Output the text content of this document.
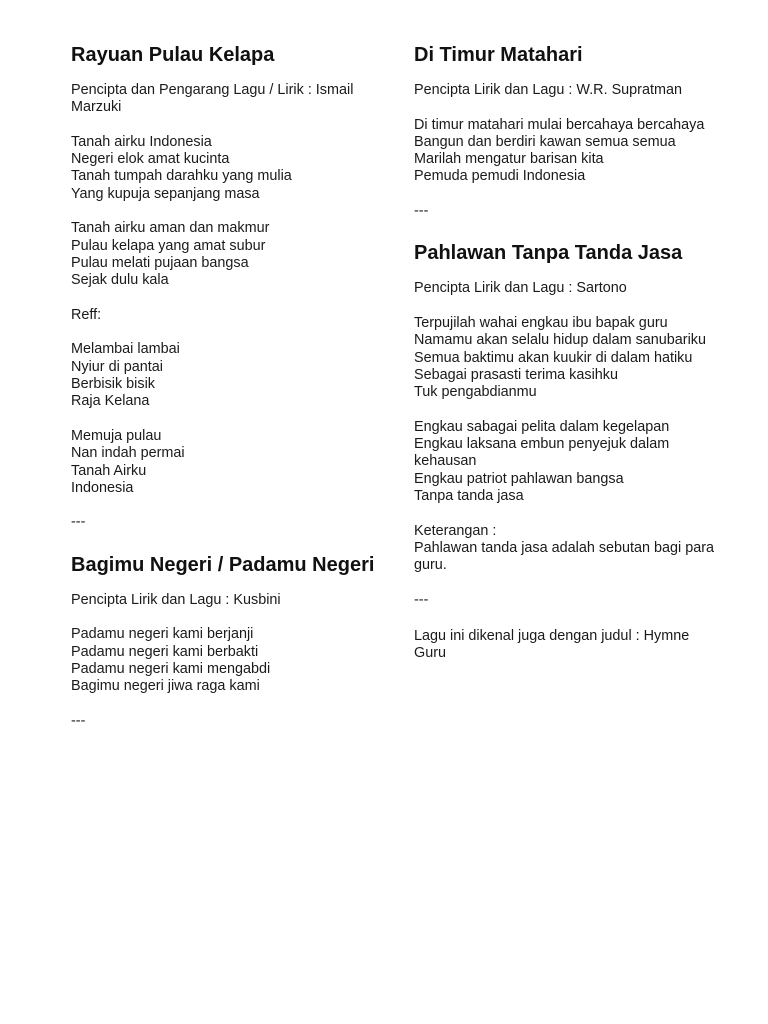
Rayuan Pulau Kelapa
Pencipta dan Pengarang Lagu / Lirik : Ismail
Marzuki
Tanah airku Indonesia
Negeri elok amat kucinta
Tanah tumpah darahku yang mulia
Yang kupuja sepanjang masa
Tanah airku aman dan makmur
Pulau kelapa yang amat subur
Pulau melati pujaan bangsa
Sejak dulu kala
Reff:
Melambai lambai
Nyiur di pantai
Berbisik bisik
Raja Kelana
Memuja pulau
Nan indah permai
Tanah Airku
Indonesia
---
Bagimu Negeri / Padamu Negeri
Pencipta Lirik dan Lagu : Kusbini
Padamu negeri kami berjanji
Padamu negeri kami berbakti
Padamu negeri kami mengabdi
Bagimu negeri jiwa raga kami
---
Di Timur Matahari
Pencipta Lirik dan Lagu : W.R. Supratman
Di timur matahari mulai bercahaya bercahaya
Bangun dan berdiri kawan semua semua
Marilah mengatur barisan kita
Pemuda pemudi Indonesia
---
Pahlawan Tanpa Tanda Jasa
Pencipta Lirik dan Lagu : Sartono
Terpujilah wahai engkau ibu bapak guru
Namamu akan selalu hidup dalam sanubariku
Semua baktimu akan kuukir di dalam hatiku
Sebagai prasasti terima kasihku
Tuk pengabdianmu
Engkau sabagai pelita dalam kegelapan
Engkau laksana embun penyejuk dalam
kehausan
Engkau patriot pahlawan bangsa
Tanpa tanda jasa
Keterangan :
Pahlawan tanda jasa adalah sebutan bagi para
guru.
---
Lagu ini dikenal juga dengan judul : Hymne
Guru
